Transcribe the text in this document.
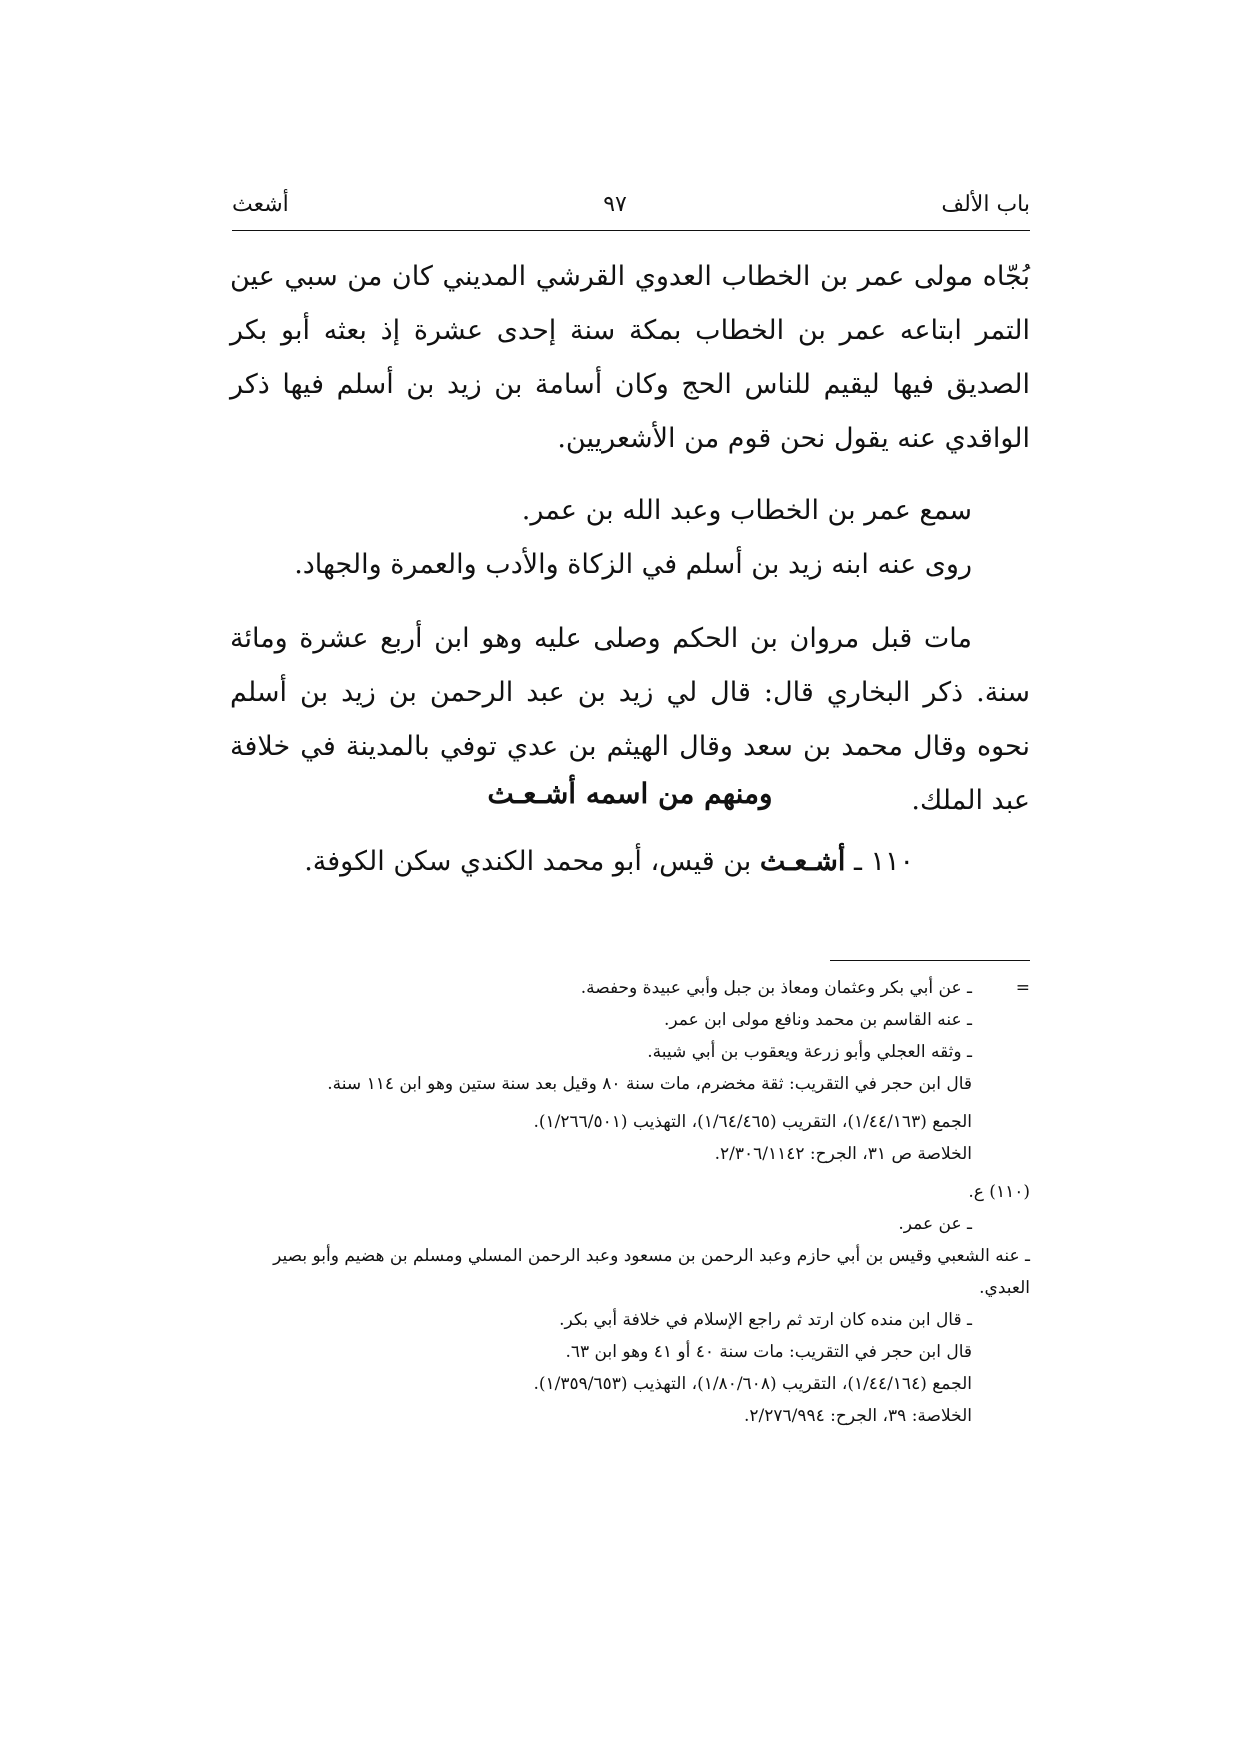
باب الألف
٩٧
أشعث

بُجّاه مولى عمر بن الخطاب العدوي القرشي المديني كان من سبي عين التمر ابتاعه عمر بن الخطاب بمكة سنة إحدى عشرة إذ بعثه أبو بكر الصديق فيها ليقيم للناس الحج وكان أسامة بن زيد بن أسلم فيها ذكر الواقدي عنه يقول نحن قوم من الأشعريين.

سمع عمر بن الخطاب وعبد الله بن عمر.

روى عنه ابنه زيد بن أسلم في الزكاة والأدب والعمرة والجهاد.

مات قبل مروان بن الحكم وصلى عليه وهو ابن أربع عشرة ومائة سنة. ذكر البخاري قال: قال لي زيد بن عبد الرحمن بن زيد بن أسلم نحوه وقال محمد بن سعد وقال الهيثم بن عدي توفي بالمدينة في خلافة عبد الملك.

ومنهم من اسمه أشـعـث
١١٠ ـ أشـعـث بن قيس، أبو محمد الكندي سكن الكوفة.
=

ـ عن أبي بكر وعثمان ومعاذ بن جبل وأبي عبيدة وحفصة.

ـ عنه القاسم بن محمد ونافع مولى ابن عمر.

ـ وثقه العجلي وأبو زرعة ويعقوب بن أبي شيبة.

قال ابن حجر في التقريب: ثقة مخضرم، مات سنة ٨٠ وقيل بعد سنة ستين وهو ابن ١١٤ سنة.

الجمع (١/٤٤/١٦٣)، التقريب (١/٦٤/٤٦٥)، التهذيب (١/٢٦٦/٥٠١).

الخلاصة ص ٣١، الجرح: ٢/٣٠٦/١١٤٢.

(١١٠) ع.

ـ عن عمر.

ـ عنه الشعبي وقيس بن أبي حازم وعبد الرحمن بن مسعود وعبد الرحمن المسلي ومسلم بن هضيم وأبو بصير العبدي.

ـ قال ابن منده كان ارتد ثم راجع الإسلام في خلافة أبي بكر.

قال ابن حجر في التقريب: مات سنة ٤٠ أو ٤١ وهو ابن ٦٣.

الجمع (١/٤٤/١٦٤)، التقريب (١/٨٠/٦٠٨)، التهذيب (١/٣٥٩/٦٥٣).

الخلاصة: ٣٩، الجرح: ٢/٢٧٦/٩٩٤.
